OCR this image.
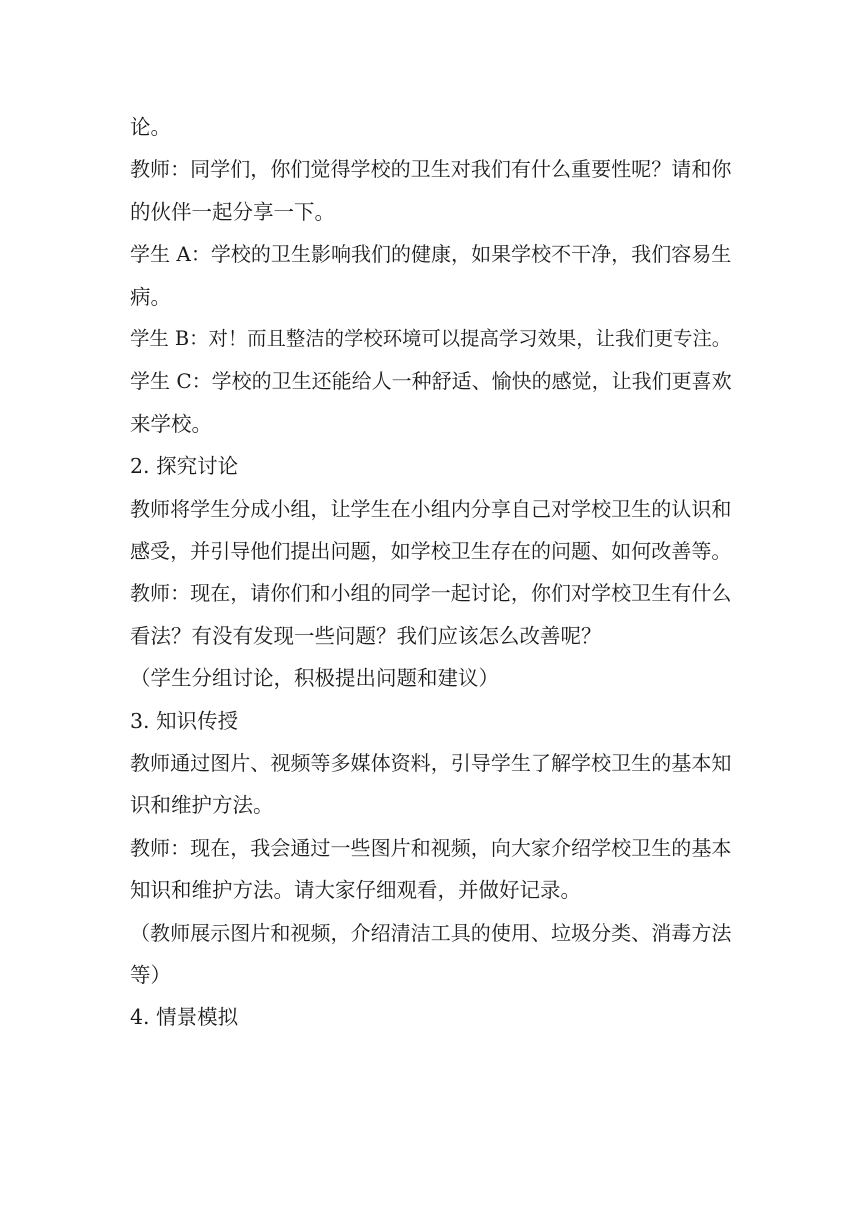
论。
教师：同学们，你们觉得学校的卫生对我们有什么重要性呢？请和你
的伙伴一起分享一下。
学生 A：学校的卫生影响我们的健康，如果学校不干净，我们容易生
病。
学生 B：对！而且整洁的学校环境可以提高学习效果，让我们更专注。
学生 C：学校的卫生还能给人一种舒适、愉快的感觉，让我们更喜欢
来学校。
2. 探究讨论
教师将学生分成小组，让学生在小组内分享自己对学校卫生的认识和
感受，并引导他们提出问题，如学校卫生存在的问题、如何改善等。
教师：现在，请你们和小组的同学一起讨论，你们对学校卫生有什么
看法？有没有发现一些问题？我们应该怎么改善呢？
（学生分组讨论，积极提出问题和建议）
3. 知识传授
教师通过图片、视频等多媒体资料，引导学生了解学校卫生的基本知
识和维护方法。
教师：现在，我会通过一些图片和视频，向大家介绍学校卫生的基本
知识和维护方法。请大家仔细观看，并做好记录。
（教师展示图片和视频，介绍清洁工具的使用、垃圾分类、消毒方法
等）
4. 情景模拟
